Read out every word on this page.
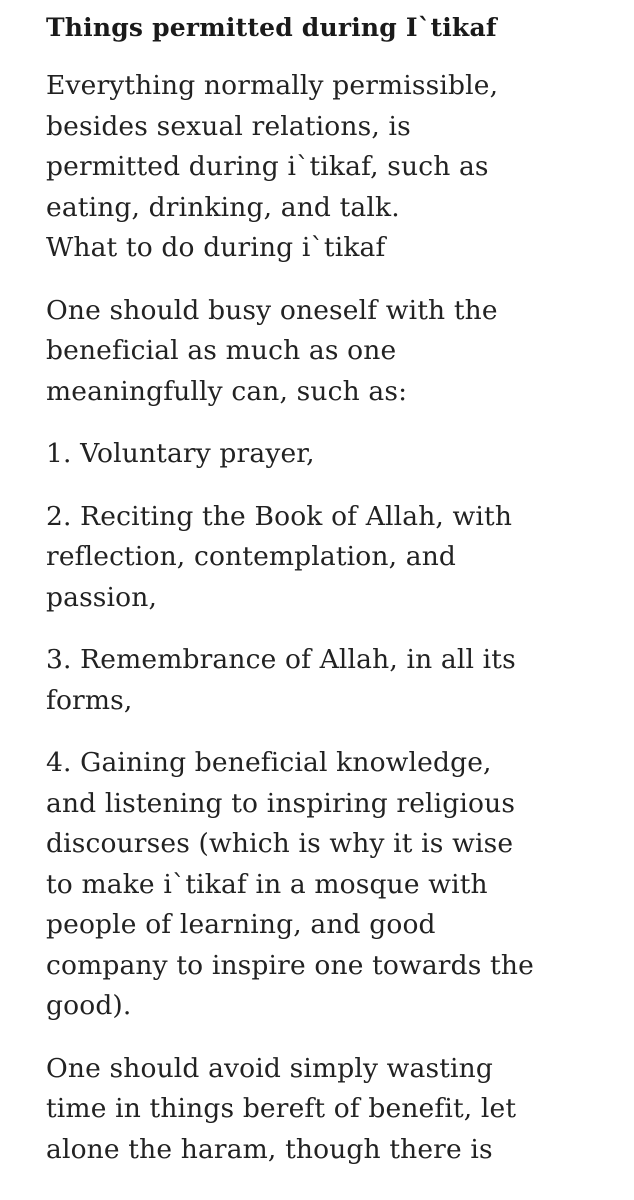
Things permitted during I`tikaf
Everything normally permissible,
besides sexual relations, is
permitted during i`tikaf, such as
eating, drinking, and talk.
What to do during i`tikaf
One should busy oneself with the
beneficial as much as one
meaningfully can, such as:
1. Voluntary prayer,
2. Reciting the Book of Allah, with
reflection, contemplation, and
passion,
3. Remembrance of Allah, in all its
forms,
4. Gaining beneficial knowledge,
and listening to inspiring religious
discourses (which is why it is wise
to make i`tikaf in a mosque with
people of learning, and good
company to inspire one towards the
good).
One should avoid simply wasting
time in things bereft of benefit, let
alone the haram, though there is
